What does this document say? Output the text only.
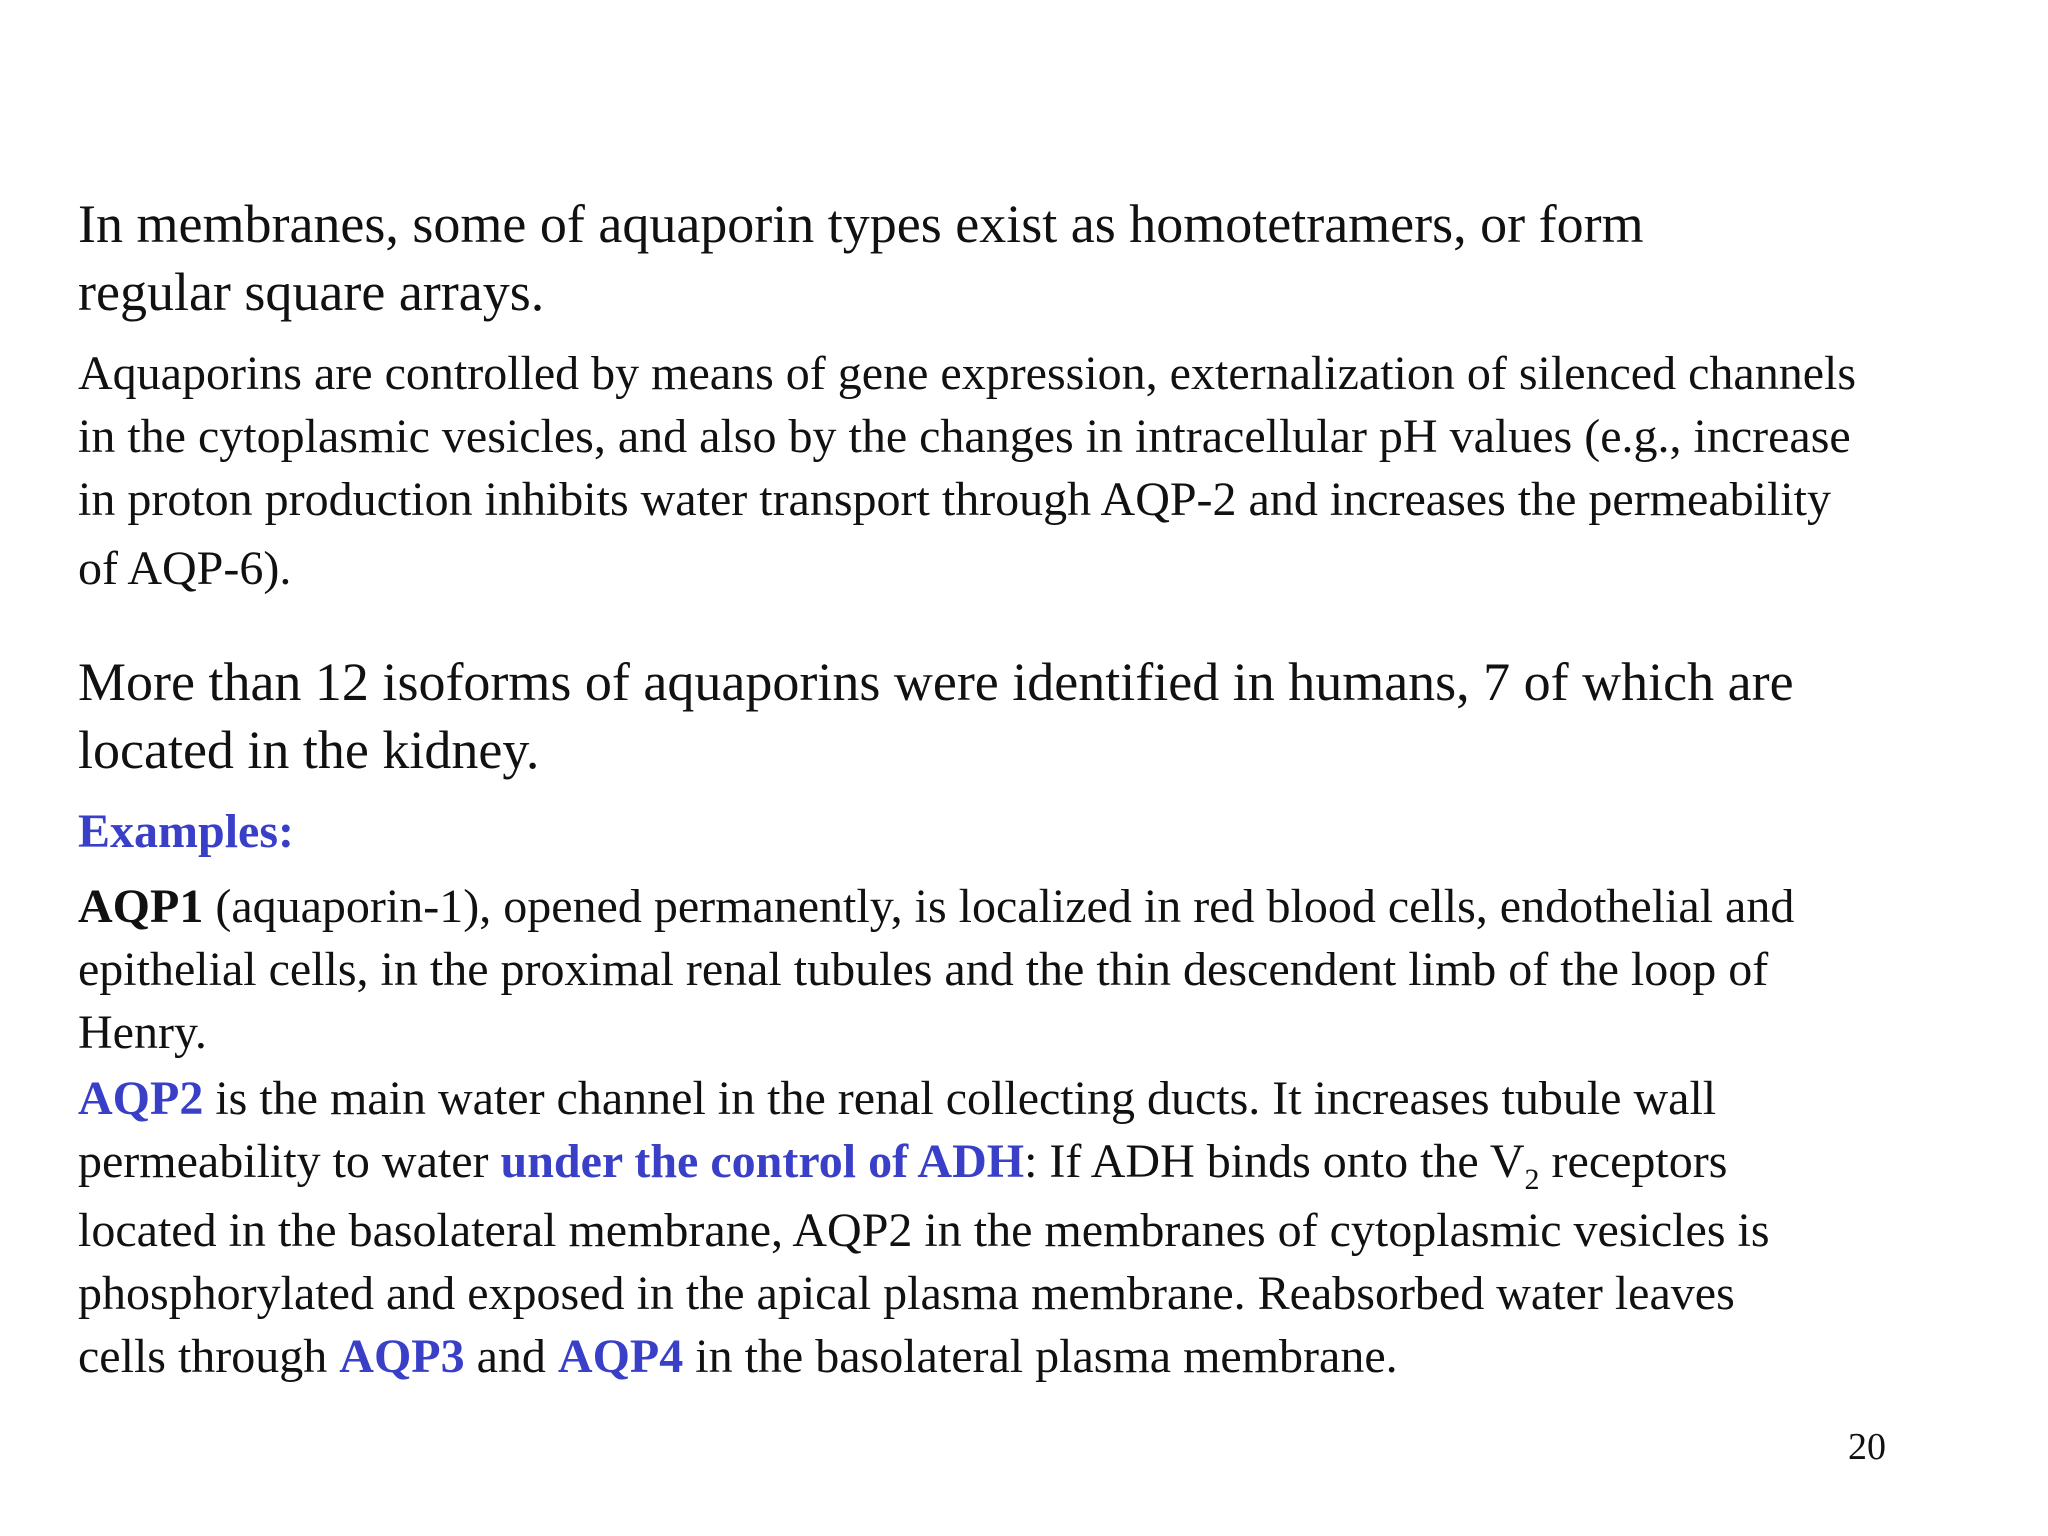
In membranes, some of aquaporin types exist as homotetramers, or form
regular square arrays.

Aquaporins are controlled by means of gene expression, externalization of silenced channels
in the cytoplasmic vesicles, and also by the changes in intracellular pH values (e.g., increase
in proton production inhibits water transport through AQP-2 and increases the permeability
of AQP-6).

More than 12 isoforms of aquaporins were identified in humans, 7 of which are
located in the kidney.

Examples:

AQP1 (aquaporin-1), opened permanently, is localized in red blood cells, endothelial and
epithelial cells, in the proximal renal tubules and the thin descendent limb of the loop of
Henry.

AQP2 is the main water channel in the renal collecting ducts. It increases tubule wall
permeability to water under the control of ADH: If ADH binds onto the $V_2$ receptors
located in the basolateral membrane, AQP2 in the membranes of cytoplasmic vesicles is
phosphorylated and exposed in the apical plasma membrane. Reabsorbed water leaves
cells through AQP3 and AQP4 in the basolateral plasma membrane.

20
